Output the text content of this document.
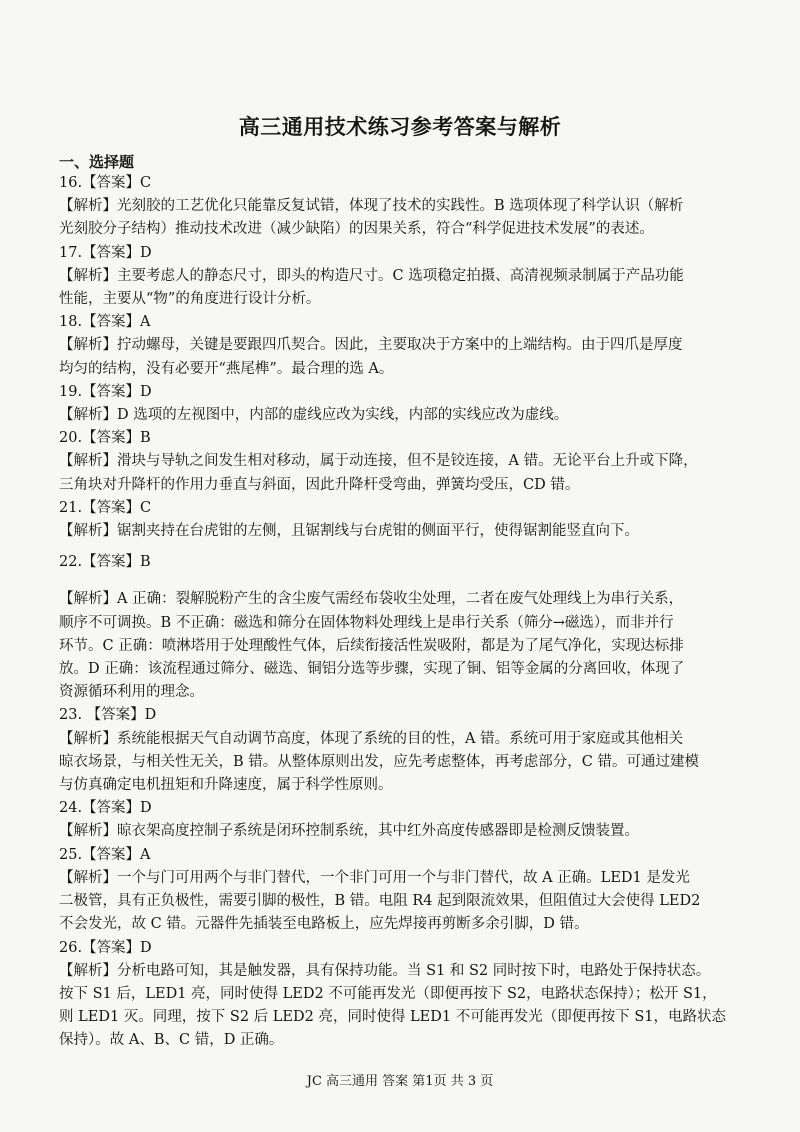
高三通用技术练习参考答案与解析
一、选择题
16.【答案】C
【解析】光刻胶的工艺优化只能靠反复试错，体现了技术的实践性。B 选项体现了科学认识（解析
光刻胶分子结构）推动技术改进（减少缺陷）的因果关系，符合“科学促进技术发展”的表述。
17.【答案】D
【解析】主要考虑人的静态尺寸，即头的构造尺寸。C 选项稳定拍摄、高清视频录制属于产品功能
性能，主要从“物”的角度进行设计分析。
18.【答案】A
【解析】拧动螺母，关键是要跟四爪契合。因此，主要取决于方案中的上端结构。由于四爪是厚度
均匀的结构，没有必要开“燕尾榫”。最合理的选 A。
19.【答案】D
【解析】D 选项的左视图中，内部的虚线应改为实线，内部的实线应改为虚线。
20.【答案】B
【解析】滑块与导轨之间发生相对移动，属于动连接，但不是铰连接，A 错。无论平台上升或下降，
三角块对升降杆的作用力垂直与斜面，因此升降杆受弯曲，弹簧均受压，CD 错。
21.【答案】C
【解析】锯割夹持在台虎钳的左侧，且锯割线与台虎钳的侧面平行，使得锯割能竖直向下。
22.【答案】B
【解析】A 正确：裂解脱粉产生的含尘废气需经布袋收尘处理，二者在废气处理线上为串行关系，
顺序不可调换。B 不正确：磁选和筛分在固体物料处理线上是串行关系（筛分→磁选），而非并行
环节。C 正确：喷淋塔用于处理酸性气体，后续衔接活性炭吸附，都是为了尾气净化，实现达标排
放。D 正确：该流程通过筛分、磁选、铜铝分选等步骤，实现了铜、铝等金属的分离回收，体现了
资源循环利用的理念。
23. 【答案】D
【解析】系统能根据天气自动调节高度，体现了系统的目的性，A 错。系统可用于家庭或其他相关
晾衣场景，与相关性无关，B 错。从整体原则出发，应先考虑整体，再考虑部分，C 错。可通过建模
与仿真确定电机扭矩和升降速度，属于科学性原则。
24.【答案】D
【解析】晾衣架高度控制子系统是闭环控制系统，其中红外高度传感器即是检测反馈装置。
25.【答案】A
【解析】一个与门可用两个与非门替代，一个非门可用一个与非门替代，故 A 正确。LED1 是发光
二极管，具有正负极性，需要引脚的极性，B 错。电阻 R4 起到限流效果，但阻值过大会使得 LED2
不会发光，故 C 错。元器件先插装至电路板上，应先焊接再剪断多余引脚，D 错。
26.【答案】D
【解析】分析电路可知，其是触发器，具有保持功能。当 S1 和 S2 同时按下时，电路处于保持状态。
按下 S1 后，LED1 亮，同时使得 LED2 不可能再发光（即便再按下 S2，电路状态保持）；松开 S1，
则 LED1 灭。同理，按下 S2 后 LED2 亮，同时使得 LED1 不可能再发光（即便再按下 S1，电路状态
保持）。故 A、B、C 错，D 正确。
JC 高三通用 答案 第1页 共 3 页
